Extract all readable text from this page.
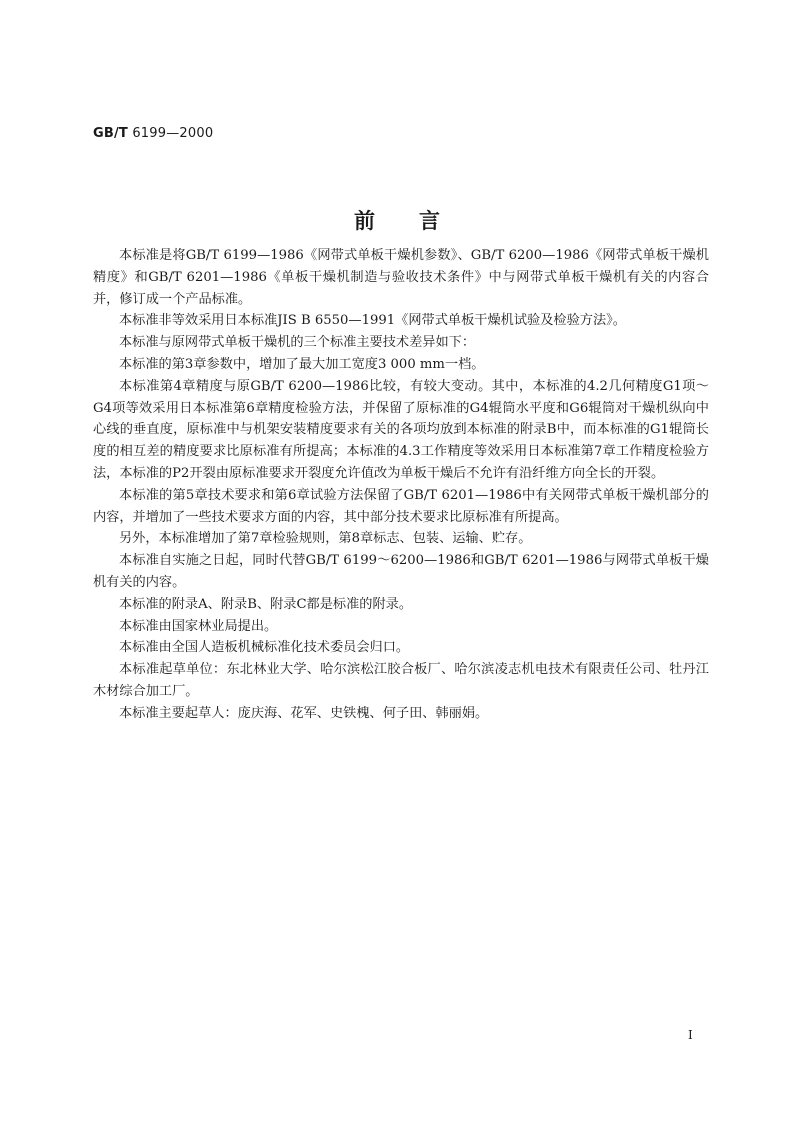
GB/T 6199—2000
前言

本标准是将GB/T 6199—1986《网带式单板干燥机参数》、GB/T 6200—1986《网带式单板干燥机精度》和GB/T 6201—1986《单板干燥机制造与验收技术条件》中与网带式单板干燥机有关的内容合并，修订成一个产品标准。

本标准非等效采用日本标准JIS B 6550—1991《网带式单板干燥机试验及检验方法》。

本标准与原网带式单板干燥机的三个标准主要技术差异如下：

本标准的第3章参数中，增加了最大加工宽度3 000 mm一档。

本标准第4章精度与原GB/T 6200—1986比较，有较大变动。其中，本标准的4.2几何精度G1项～G4项等效采用日本标准第6章精度检验方法，并保留了原标准的G4辊筒水平度和G6辊筒对干燥机纵向中心线的垂直度，原标准中与机架安装精度要求有关的各项均放到本标准的附录B中，而本标准的G1辊筒长度的相互差的精度要求比原标准有所提高；本标准的4.3工作精度等效采用日本标准第7章工作精度检验方法，本标准的P2开裂由原标准要求开裂度允许值改为单板干燥后不允许有沿纤维方向全长的开裂。

本标准的第5章技术要求和第6章试验方法保留了GB/T 6201—1986中有关网带式单板干燥机部分的内容，并增加了一些技术要求方面的内容，其中部分技术要求比原标准有所提高。

另外，本标准增加了第7章检验规则，第8章标志、包装、运输、贮存。

本标准自实施之日起，同时代替GB/T 6199～6200—1986和GB/T 6201—1986与网带式单板干燥机有关的内容。

本标准的附录A、附录B、附录C都是标准的附录。

本标准由国家林业局提出。

本标准由全国人造板机械标准化技术委员会归口。

本标准起草单位：东北林业大学、哈尔滨松江胶合板厂、哈尔滨凌志机电技术有限责任公司、牡丹江木材综合加工厂。

本标准主要起草人：庞庆海、花军、史铁槐、何子田、韩丽娟。

I
